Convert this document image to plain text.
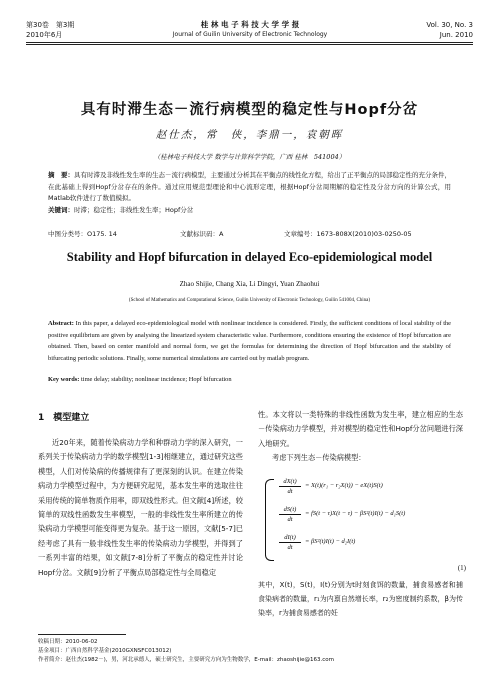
第30卷　第3期
2010年6月
桂 林 电 子 科 技 大 学 学 报
Journal of Guilin University of Electronic Technology
Vol. 30, No. 3
Jun. 2010
具有时滞生态－流行病模型的稳定性与Hopf分岔
赵仕杰，常　侠，李鼎一，袁朝晖
（桂林电子科技大学 数学与计算科学学院，广西 桂林　541004）
摘　要：具有时滞及非线性发生率的生态－流行病模型，主要通过分析其在平衡点的线性化方程，给出了正平衡点的局部稳定性的充分条件，在此基础上得到Hopf分岔存在的条件。通过应用规范型理论和中心流形定理，根据Hopf分岔周期解的稳定性及分岔方向的计算公式，用Matlab软件进行了数值模拟。
关键词：时滞；稳定性；非线性发生率；Hopf分岔
中图分类号：O175. 14	文献标识码：A	文章编号：1673-808X(2010)03-0250-05
Stability and Hopf bifurcation in delayed Eco-epidemiological model
Zhao Shijie, Chang Xia, Li Dingyi, Yuan Zhaohui
(School of Mathematics and Computational Science, Guilin University of Electronic Technology, Guilin 541004, China)
Abstract: In this paper, a delayed eco-epidemiological model with nonlinear incidence is considered. Firstly, the sufficient conditions of local stability of the positive equilibrium are given by analysing the linearized system characteristic value. Furthermore, conditions ensuring the existence of Hopf bifurcation are obtained. Then, based on center manifold and normal form, we get the formulas for determining the direction of Hopf bifurcation and the stability of bifurcating periodic solutions. Finally, some numerical simulations are carried out by matlab program.
Key words: time delay; stability; nonlinear incidence; Hopf bifurcation
1　模型建立
近20年来，随着传染病动力学和种群动力学的深入研究，一系列关于传染病动力学的数学模型[1-3]相继建立，通过研究这些模型，人们对传染病的传播规律有了更深刻的认识。在建立传染病动力学模型过程中，为方便研究起见，基本发生率的选取往往采用传统的简单物质作用率，即双线性形式。但文献[4]所述，较简单的双线性函数发生率模型，一般的非线性发生率所建立的传染病动力学模型可能变得更为复杂。基于这一原因，文献[5-7]已经考虑了具有一般非线性发生率的传染病动力学模型，并得到了一系列丰富的结果，如文献[7-8]分析了平衡点的稳定性并讨论Hopf分岔。文献[9]分析了平衡点局部稳定性与全局稳定
性。本文将以一类特殊的非线性函数为发生率，建立相应的生态－传染病动力学模型，并对模型的稳定性和Hopf分岔问题进行深入地研究。
考虑下列生态－传染病模型：
$\frac{dX(t)}{dt} = X(t)(r_1 - r_2X(t)) - eX(t)S(t)$
$\frac{dS(t)}{dt} = fS(t - \tau)X(t - \tau) - \beta S^2(t)I(t) - d_1S(t)$
$\frac{dI(t)}{dt} = \beta S^2(t)I(t) - d_2I(t)$
(1)
其中，X(t)，S(t)，I(t)分别为t时刻食饵的数量，捕食易感者和捕食染病者的数量，r₁为内禀自然增长率，r₂为密度制约系数，β为传染率，r为捕食易感者的妊
收稿日期：2010-06-02
基金项目：广西自然科学基金(2010GXNSFC013012)
作者简介：赵仕杰(1982－)，男，河北承德人，硕士研究生，主要研究方向为生物数学，E-mail：zhaoshijie@163.com
